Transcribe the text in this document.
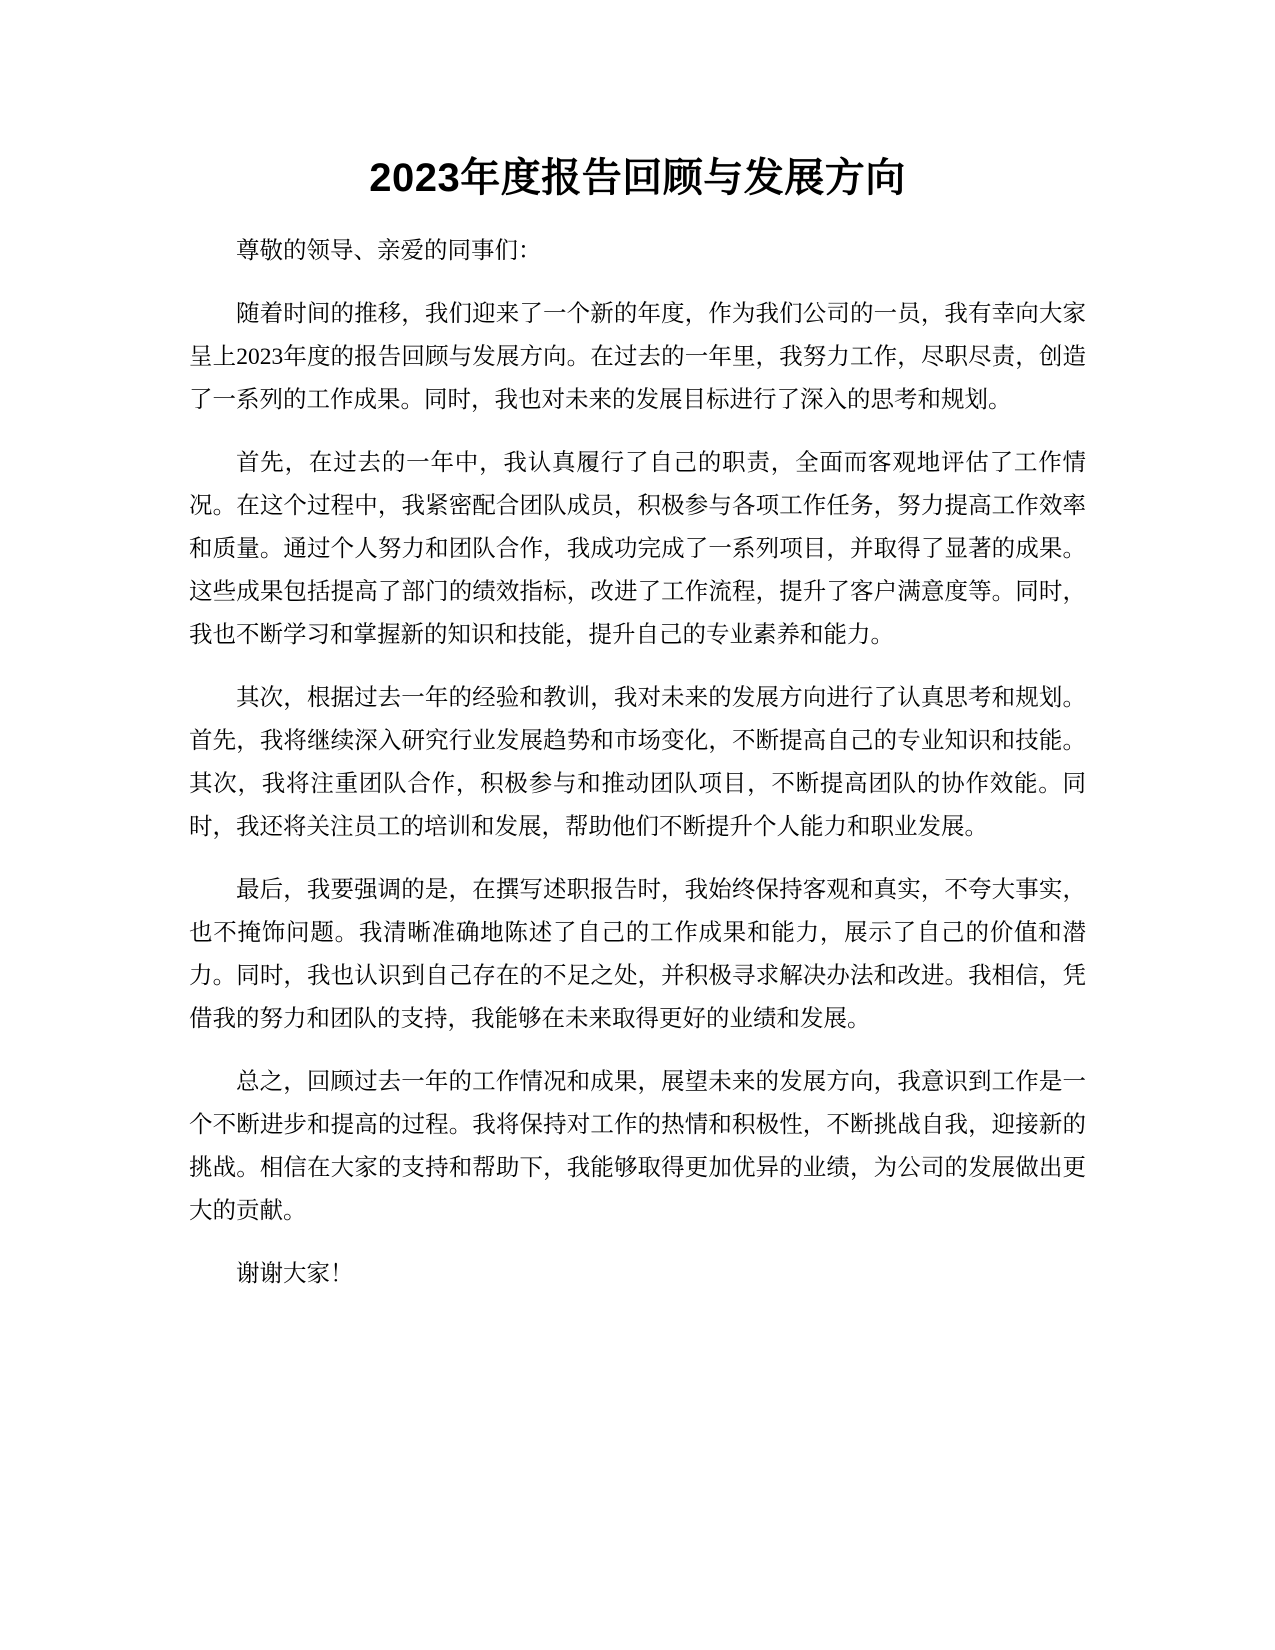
2023年度报告回顾与发展方向

尊敬的领导、亲爱的同事们：

随着时间的推移，我们迎来了一个新的年度，作为我们公司的一员，我有幸向大家呈上2023年度的报告回顾与发展方向。在过去的一年里，我努力工作，尽职尽责，创造了一系列的工作成果。同时，我也对未来的发展目标进行了深入的思考和规划。

首先，在过去的一年中，我认真履行了自己的职责，全面而客观地评估了工作情况。在这个过程中，我紧密配合团队成员，积极参与各项工作任务，努力提高工作效率和质量。通过个人努力和团队合作，我成功完成了一系列项目，并取得了显著的成果。这些成果包括提高了部门的绩效指标，改进了工作流程，提升了客户满意度等。同时，我也不断学习和掌握新的知识和技能，提升自己的专业素养和能力。

其次，根据过去一年的经验和教训，我对未来的发展方向进行了认真思考和规划。首先，我将继续深入研究行业发展趋势和市场变化，不断提高自己的专业知识和技能。其次，我将注重团队合作，积极参与和推动团队项目，不断提高团队的协作效能。同时，我还将关注员工的培训和发展，帮助他们不断提升个人能力和职业发展。

最后，我要强调的是，在撰写述职报告时，我始终保持客观和真实，不夸大事实，也不掩饰问题。我清晰准确地陈述了自己的工作成果和能力，展示了自己的价值和潜力。同时，我也认识到自己存在的不足之处，并积极寻求解决办法和改进。我相信，凭借我的努力和团队的支持，我能够在未来取得更好的业绩和发展。

总之，回顾过去一年的工作情况和成果，展望未来的发展方向，我意识到工作是一个不断进步和提高的过程。我将保持对工作的热情和积极性，不断挑战自我，迎接新的挑战。相信在大家的支持和帮助下，我能够取得更加优异的业绩，为公司的发展做出更大的贡献。

谢谢大家！
